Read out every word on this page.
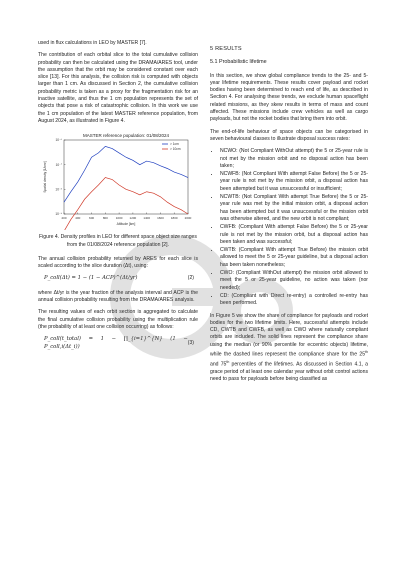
used in flux calculations in LEO by MASTER [7].

The contribution of each orbital slice to the total cumulative collision probability can then be calculated using the DRAMA/ARES tool, under the assumption that the orbit may be considered constant over each slice [13]. For this analysis, the collision risk is computed with objects larger than 1 cm. As discussed in Section 2, the cumulative collision probability metric is taken as a proxy for the fragmentation risk for an inactive satellite, and thus the 1 cm population represents the set of objects that pose a risk of catastrophic collision. In this work we use the 1 cm population of the latest MASTER reference population, from August 2024, as illustrated in Figure 4.

MASTER reference population: 01/08/2024
200	400	600	800	1000 1200 1400 1600 1800 2000
Altitude [km]
10⁻⁶
10⁻⁷
10⁻⁸
10⁻⁹
Spatial density [1/km³]
> 1cm
> 10cm

Figure 4. Density profiles in LEO for different space object size ranges from the 01/08/2024 reference population [2].

The annual collision probability returned by ARES for each slice is scaled according to the slice duration (Δt), using:

P_coll(Δt) = 1 − (1 − ACP)^(Δt/yr)	(2)

where Δt/yr is the year fraction of the analysis interval and ACP is the annual collision probability resulting from the DRAMA/ARES analysis.

The resulting values of each orbit section is aggregated to calculate the final cumulative collision probability using the multiplication rule (the probability of at least one collision occurring) as follows:

P_coll(t_total) = 1 − ∏_{i=1}^{N} (1 − P_coll,i(Δt_i))
(3)
5 RESULTS
5.1 Probabilistic lifetime

In this section, we show global compliance trends to the 25- and 5-year lifetime requirements. These results cover payload and rocket bodies having been determined to reach end of life, as described in Section 4. For analysing these trends, we exclude human spaceflight related missions, as they skew results in terms of mass and count affected. These missions include crew vehicles as well as cargo payloads, but not the rocket bodies that bring them into orbit.

The end-of-life behaviour of space objects can be categorised in seven behavioural classes to illustrate disposal success rates:

• NCWO: (Not Compliant WithOut attempt) the 5 or 25-year rule is not met by the mission orbit and no disposal action has been taken;
• NCWFB: (Not Compliant With attempt False Before) the 5 or 25-year rule is not met by the mission orbit, a disposal action has been attempted but it was unsuccessful or insufficient;
• NCWTB: (Not Compliant With attempt True Before) the 5 or 25-year rule was met by the initial mission orbit, a disposal action has been attempted but it was unsuccessful or the mission orbit was otherwise altered, and the new orbit is not compliant;
• CWFB: (Compliant With attempt False Before) the 5 or 25-year rule is not met by the mission orbit, but a disposal action has been taken and was successful;
• CWTB: (Compliant With attempt True Before) the mission orbit allowed to meet the 5 or 25-year guideline, but a disposal action has been taken nonetheless;
• CWO: (Compliant WithOut attempt) the mission orbit allowed to meet the 5 or 25-year guideline, no action was taken (nor needed);
• CD: (Compliant with Direct re-entry) a controlled re-entry has been performed.

In Figure 5 we show the share of compliance for payloads and rocket bodies for the two lifetime limits. Here, successful attempts include CD, CWTB and CWFB, as well as CWO where naturally compliant orbits are included. The solid lines represent the compliance share using the median (or 90% percentile for eccentric objects) lifetime, while the dashed lines represent the compliance share for the 25th and 75th percentiles of the lifetimes. As discussed in Section 4.1, a grace period of at least one calendar year without orbit control actions need to pass for payloads before being classified as
